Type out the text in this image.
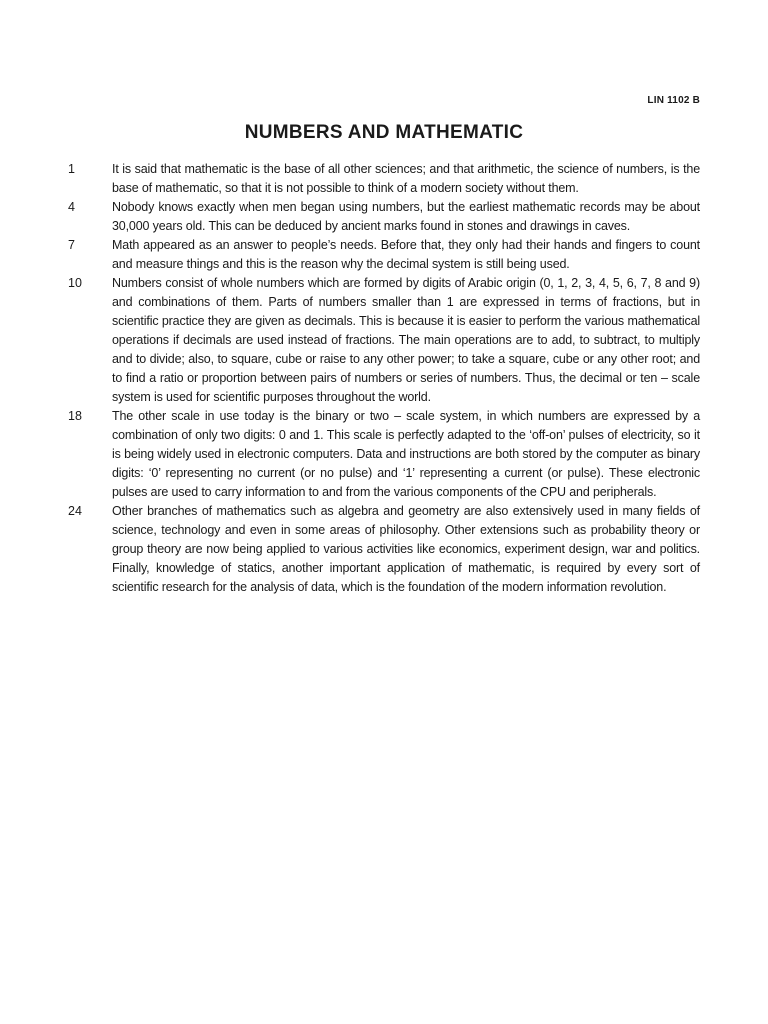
LIN 1102 B
NUMBERS AND MATHEMATIC
1	It is said that mathematic is the base of all other sciences; and that arithmetic, the science of numbers, is the base of mathematic, so that it is not possible to think of a modern society without them.
4	Nobody knows exactly when men began using numbers, but the earliest mathematic records may be about 30,000 years old. This can be deduced by ancient marks found in stones and drawings in caves.
7	Math appeared as an answer to people’s needs. Before that, they only had their hands and fingers to count and measure things and this is the reason why the decimal system is still being used.
10	Numbers consist of whole numbers which are formed by digits of Arabic origin (0, 1, 2, 3, 4, 5, 6, 7, 8 and 9) and combinations of them. Parts of numbers smaller than 1 are expressed in terms of fractions, but in scientific practice they are given as decimals. This is because it is easier to perform the various mathematical operations if decimals are used instead of fractions. The main operations are to add, to subtract, to multiply and to divide; also, to square, cube or raise to any other power; to take a square, cube or any other root; and to find a ratio or proportion between pairs of numbers or series of numbers. Thus, the decimal or ten – scale system is used for scientific purposes throughout the world.
18	The other scale in use today is the binary or two – scale system, in which numbers are expressed by a combination of only two digits: 0 and 1. This scale is perfectly adapted to the ‘off-on’ pulses of electricity, so it is being widely used in electronic computers. Data and instructions are both stored by the computer as binary digits: ‘0’ representing no current (or no pulse) and ‘1’ representing a current (or pulse). These electronic pulses are used to carry information to and from the various components of the CPU and peripherals.
24	Other branches of mathematics such as algebra and geometry are also extensively used in many fields of science, technology and even in some areas of philosophy. Other extensions such as probability theory or group theory are now being applied to various activities like economics, experiment design, war and politics. Finally, knowledge of statics, another important application of mathematic, is required by every sort of scientific research for the analysis of data, which is the foundation of the modern information revolution.
